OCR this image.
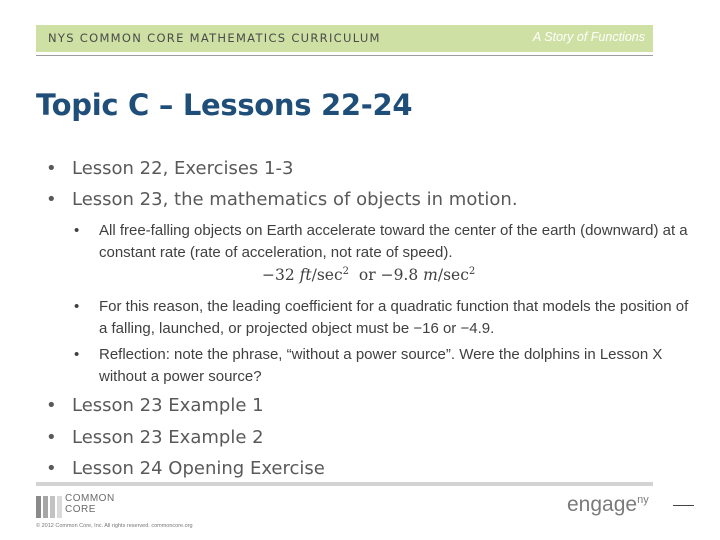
NYS COMMON CORE MATHEMATICS CURRICULUM	A Story of Functions
Topic C – Lessons 22-24
• Lesson 22, Exercises 1-3
• Lesson 23, the mathematics of objects in motion.
• All free-falling objects on Earth accelerate toward the center of the earth (downward) at a constant rate (rate of acceleration, not rate of speed).
−32 $ft/\sec^2$ or −9.8 $m/\sec^2$
• For this reason, the leading coefficient for a quadratic function that models the position of a falling, launched, or projected object must be −16 or −4.9.
• Reflection: note the phrase, “without a power source”. Were the dolphins in Lesson X without a power source?
• Lesson 23 Example 1
• Lesson 23 Example 2
• Lesson 24 Opening Exercise
COMMON
CORE
© 2012 Common Core, Inc. All rights reserved. commoncore.org
engage$^{ny}$
